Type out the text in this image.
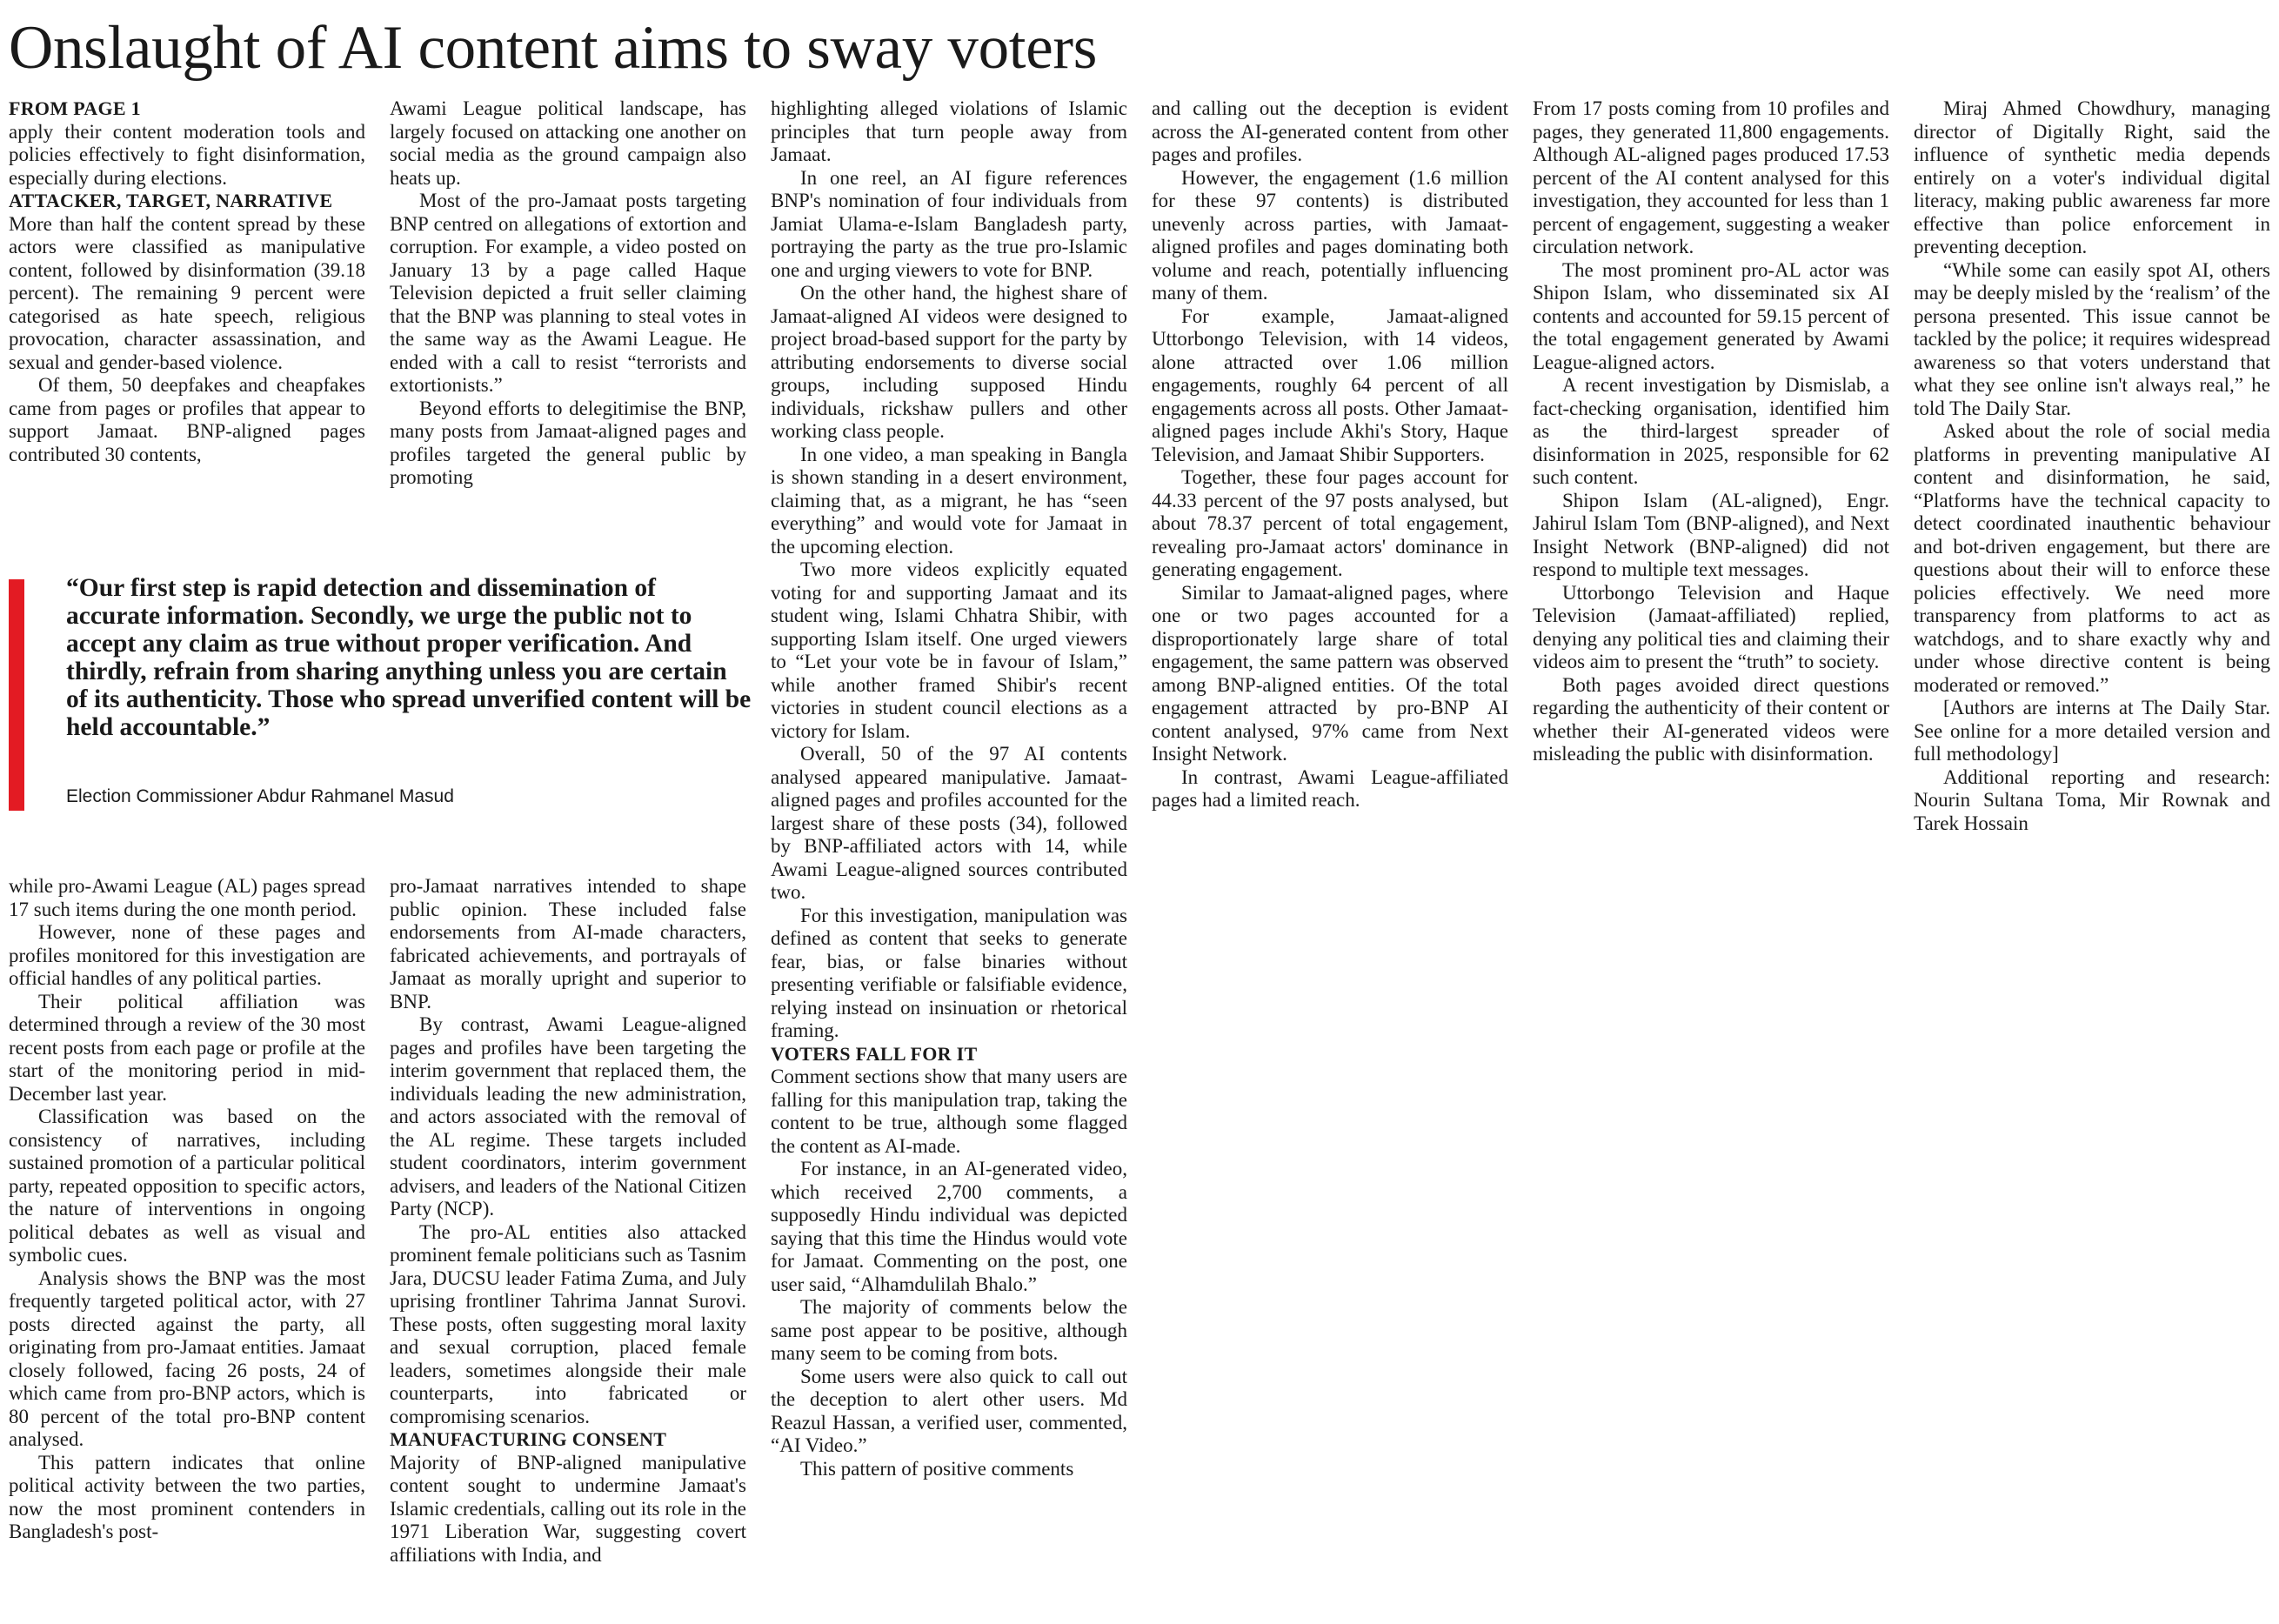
Onslaught of AI content aims to sway voters

FROM PAGE 1

apply their content moderation tools and policies effectively to fight disinformation, especially during elections.

ATTACKER, TARGET, NARRATIVE

More than half the content spread by these actors were classified as manipulative content, followed by disinformation (39.18 percent). The remaining 9 percent were categorised as hate speech, religious provocation, character assassination, and sexual and gender-based violence.

Of them, 50 deepfakes and cheapfakes came from pages or profiles that appear to support Jamaat. BNP-aligned pages contributed 30 contents,

Awami League political landscape, has largely focused on attacking one another on social media as the ground campaign also heats up.

Most of the pro-Jamaat posts targeting BNP centred on allegations of extortion and corruption. For example, a video posted on January 13 by a page called Haque Television depicted a fruit seller claiming that the BNP was planning to steal votes in the same way as the Awami League. He ended with a call to resist “terrorists and extortionists.”

Beyond efforts to delegitimise the BNP, many posts from Jamaat-aligned pages and profiles targeted the general public by promoting

“Our first step is rapid detection and dissemination of accurate information. Secondly, we urge the public not to accept any claim as true without proper verification. And thirdly, refrain from sharing anything unless you are certain of its authenticity. Those who spread unverified content will be held accountable.”
Election Commissioner Abdur Rahmanel Masud

while pro-Awami League (AL) pages spread 17 such items during the one month period.

However, none of these pages and profiles monitored for this investigation are official handles of any political parties.

Their political affiliation was determined through a review of the 30 most recent posts from each page or profile at the start of the monitoring period in mid-December last year.

Classification was based on the consistency of narratives, including sustained promotion of a particular political party, repeated opposition to specific actors, the nature of interventions in ongoing political debates as well as visual and symbolic cues.

Analysis shows the BNP was the most frequently targeted political actor, with 27 posts directed against the party, all originating from pro-Jamaat entities. Jamaat closely followed, facing 26 posts, 24 of which came from pro-BNP actors, which is 80 percent of the total pro-BNP content analysed.

This pattern indicates that online political activity between the two parties, now the most prominent contenders in Bangladesh's post-

pro-Jamaat narratives intended to shape public opinion. These included false endorsements from AI-made characters, fabricated achievements, and portrayals of Jamaat as morally upright and superior to BNP.

By contrast, Awami League-aligned pages and profiles have been targeting the interim government that replaced them, the individuals leading the new administration, and actors associated with the removal of the AL regime. These targets included student coordinators, interim government advisers, and leaders of the National Citizen Party (NCP).

The pro-AL entities also attacked prominent female politicians such as Tasnim Jara, DUCSU leader Fatima Zuma, and July uprising frontliner Tahrima Jannat Surovi. These posts, often suggesting moral laxity and sexual corruption, placed female leaders, sometimes alongside their male counterparts, into fabricated or compromising scenarios.

MANUFACTURING CONSENT

Majority of BNP-aligned manipulative content sought to undermine Jamaat's Islamic credentials, calling out its role in the 1971 Liberation War, suggesting covert affiliations with India, and

highlighting alleged violations of Islamic principles that turn people away from Jamaat.

In one reel, an AI figure references BNP's nomination of four individuals from Jamiat Ulama-e-Islam Bangladesh party, portraying the party as the true pro-Islamic one and urging viewers to vote for BNP.

On the other hand, the highest share of Jamaat-aligned AI videos were designed to project broad-based support for the party by attributing endorsements to diverse social groups, including supposed Hindu individuals, rickshaw pullers and other working class people.

In one video, a man speaking in Bangla is shown standing in a desert environment, claiming that, as a migrant, he has “seen everything” and would vote for Jamaat in the upcoming election.

Two more videos explicitly equated voting for and supporting Jamaat and its student wing, Islami Chhatra Shibir, with supporting Islam itself. One urged viewers to “Let your vote be in favour of Islam,” while another framed Shibir's recent victories in student council elections as a victory for Islam.

Overall, 50 of the 97 AI contents analysed appeared manipulative. Jamaat-aligned pages and profiles accounted for the largest share of these posts (34), followed by BNP-affiliated actors with 14, while Awami League-aligned sources contributed two.

For this investigation, manipulation was defined as content that seeks to generate fear, bias, or false binaries without presenting verifiable or falsifiable evidence, relying instead on insinuation or rhetorical framing.

VOTERS FALL FOR IT

Comment sections show that many users are falling for this manipulation trap, taking the content to be true, although some flagged the content as AI-made.

For instance, in an AI-generated video, which received 2,700 comments, a supposedly Hindu individual was depicted saying that this time the Hindus would vote for Jamaat. Commenting on the post, one user said, “Alhamdulilah Bhalo.”

The majority of comments below the same post appear to be positive, although many seem to be coming from bots.

Some users were also quick to call out the deception to alert other users. Md Reazul Hassan, a verified user, commented, “AI Video.”

This pattern of positive comments

and calling out the deception is evident across the AI-generated content from other pages and profiles.

However, the engagement (1.6 million for these 97 contents) is distributed unevenly across parties, with Jamaat-aligned profiles and pages dominating both volume and reach, potentially influencing many of them.

For example, Jamaat-aligned Uttorbongo Television, with 14 videos, alone attracted over 1.06 million engagements, roughly 64 percent of all engagements across all posts. Other Jamaat-aligned pages include Akhi's Story, Haque Television, and Jamaat Shibir Supporters.

Together, these four pages account for 44.33 percent of the 97 posts analysed, but about 78.37 percent of total engagement, revealing pro-Jamaat actors' dominance in generating engagement.

Similar to Jamaat-aligned pages, where one or two pages accounted for a disproportionately large share of total engagement, the same pattern was observed among BNP-aligned entities. Of the total engagement attracted by pro-BNP AI content analysed, 97% came from Next Insight Network.

In contrast, Awami League-affiliated pages had a limited reach.

From 17 posts coming from 10 profiles and pages, they generated 11,800 engagements. Although AL-aligned pages produced 17.53 percent of the AI content analysed for this investigation, they accounted for less than 1 percent of engagement, suggesting a weaker circulation network.

The most prominent pro-AL actor was Shipon Islam, who disseminated six AI contents and accounted for 59.15 percent of the total engagement generated by Awami League-aligned actors.

A recent investigation by Dismislab, a fact-checking organisation, identified him as the third-largest spreader of disinformation in 2025, responsible for 62 such content.

Shipon Islam (AL-aligned), Engr. Jahirul Islam Tom (BNP-aligned), and Next Insight Network (BNP-aligned) did not respond to multiple text messages.

Uttorbongo Television and Haque Television (Jamaat-affiliated) replied, denying any political ties and claiming their videos aim to present the “truth” to society.

Both pages avoided direct questions regarding the authenticity of their content or whether their AI-generated videos were misleading the public with disinformation.

Miraj Ahmed Chowdhury, managing director of Digitally Right, said the influence of synthetic media depends entirely on a voter's individual digital literacy, making public awareness far more effective than police enforcement in preventing deception.

“While some can easily spot AI, others may be deeply misled by the ‘realism’ of the persona presented. This issue cannot be tackled by the police; it requires widespread awareness so that voters understand that what they see online isn't always real,” he told The Daily Star.

Asked about the role of social media platforms in preventing manipulative AI content and disinformation, he said, “Platforms have the technical capacity to detect coordinated inauthentic behaviour and bot-driven engagement, but there are questions about their will to enforce these policies effectively. We need more transparency from platforms to act as watchdogs, and to share exactly why and under whose directive content is being moderated or removed.”

[Authors are interns at The Daily Star. See online for a more detailed version and full methodology]

Additional reporting and research: Nourin Sultana Toma, Mir Rownak and Tarek Hossain
